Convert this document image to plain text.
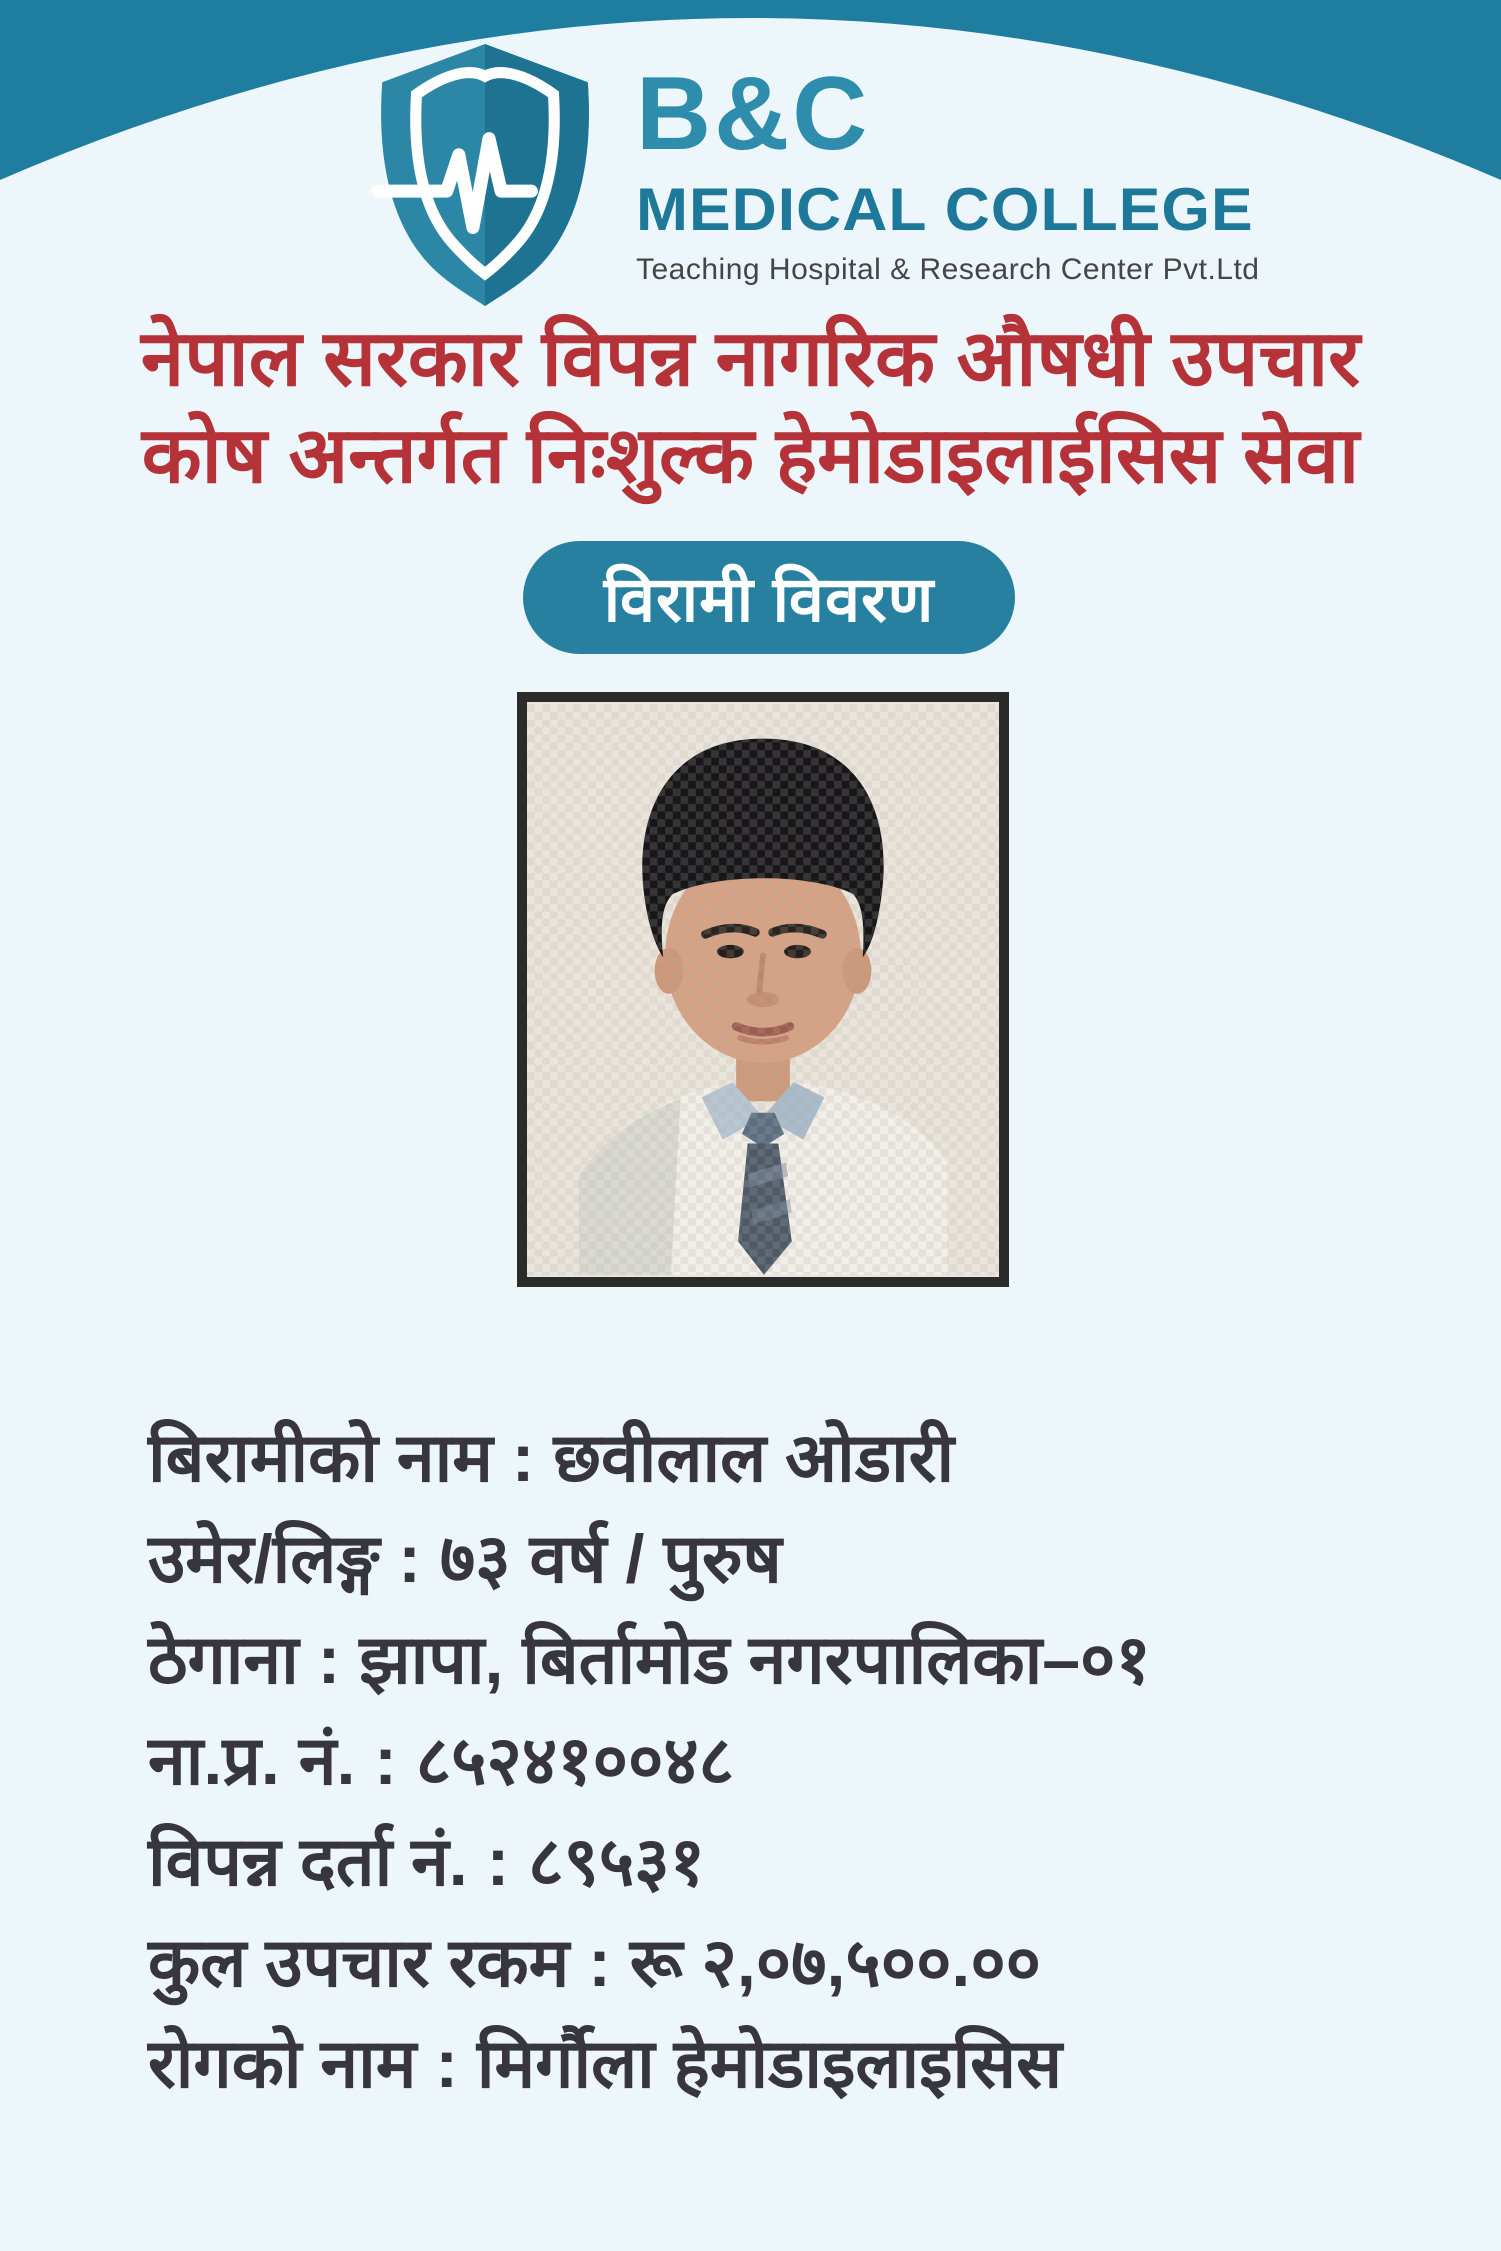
B&C
MEDICAL COLLEGE
Teaching Hospital & Research Center Pvt.Ltd
नेपाल सरकार विपन्न नागरिक औषधी उपचार
कोष अन्तर्गत निःशुल्क हेमोडाइलाईसिस सेवा
विरामी विवरण
बिरामीको नाम : छवीलाल ओडारी
उमेर/लिङ्ग : ७३ वर्ष / पुरुष
ठेगाना : झापा, बिर्तामोड नगरपालिका–०१
ना.प्र. नं. : ८५२४१००४८
विपन्न दर्ता नं. : ८९५३१
कुल उपचार रकम : रू २,०७,५००.००
रोगको नाम : मिर्गौला हेमोडाइलाइसिस
